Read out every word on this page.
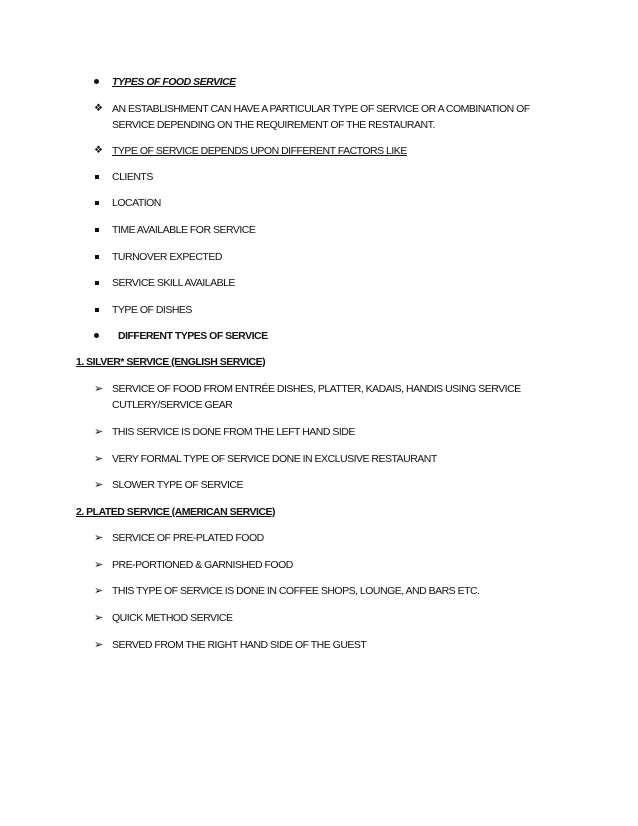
TYPES OF FOOD SERVICE
❖ AN ESTABLISHMENT CAN HAVE A PARTICULAR TYPE OF SERVICE OR A COMBINATION OF
SERVICE DEPENDING ON THE REQUIREMENT OF THE RESTAURANT.
❖ TYPE OF SERVICE DEPENDS UPON DIFFERENT FACTORS LIKE
CLIENTS
LOCATION
TIME AVAILABLE FOR SERVICE
TURNOVER EXPECTED
SERVICE SKILL AVAILABLE
TYPE OF DISHES
DIFFERENT TYPES OF SERVICE
1. SILVER* SERVICE (ENGLISH SERVICE)
➢ SERVICE OF FOOD FROM ENTRÉE DISHES, PLATTER, KADAIS, HANDIS USING SERVICE
CUTLERY/SERVICE GEAR
➢ THIS SERVICE IS DONE FROM THE LEFT HAND SIDE
➢ VERY FORMAL TYPE OF SERVICE DONE IN EXCLUSIVE RESTAURANT
➢ SLOWER TYPE OF SERVICE
2. PLATED SERVICE (AMERICAN SERVICE)
➢ SERVICE OF PRE-PLATED FOOD
➢ PRE-PORTIONED & GARNISHED FOOD
➢ THIS TYPE OF SERVICE IS DONE IN COFFEE SHOPS, LOUNGE, AND BARS ETC.
➢ QUICK METHOD SERVICE
➢ SERVED FROM THE RIGHT HAND SIDE OF THE GUEST
